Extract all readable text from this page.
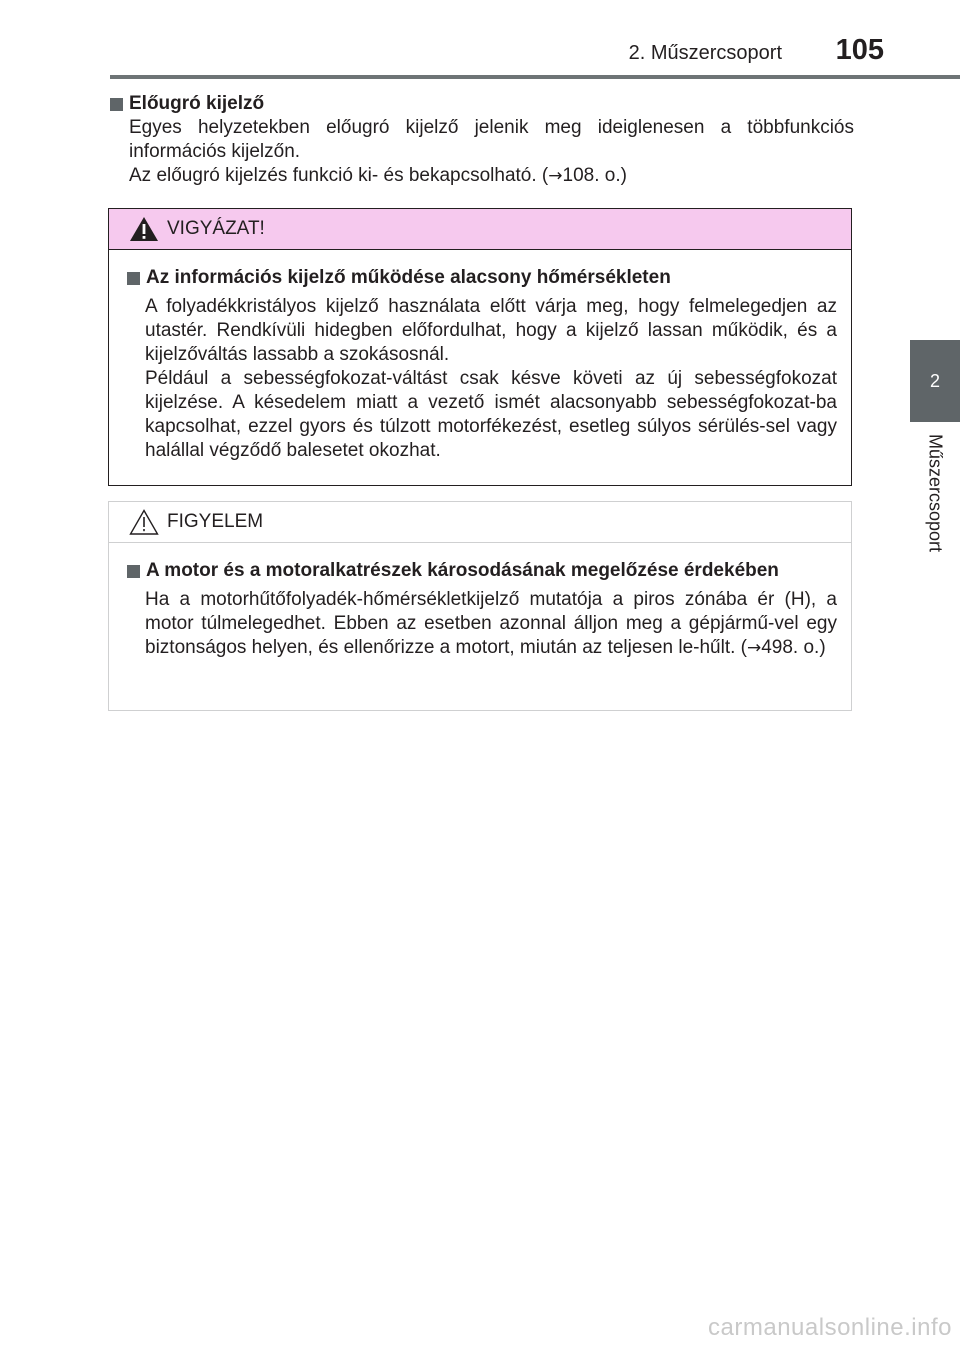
2. Műszercsoport 105
2
Műszercsoport
Előugró kijelző

Egyes helyzetekben előugró kijelző jelenik meg ideiglenesen a többfunkciós információs kijelzőn.

Az előugró kijelzés funkció ki- és bekapcsolható. (→108. o.)

VIGYÁZAT!
Az információs kijelző működése alacsony hőmérsékleten

A folyadékkristályos kijelző használata előtt várja meg, hogy felmelegedjen az utastér. Rendkívüli hidegben előfordulhat, hogy a kijelző lassan működik, és a kijelzőváltás lassabb a szokásosnál.

Például a sebességfokozat-váltást csak késve követi az új sebességfokozat kijelzése. A késedelem miatt a vezető ismét alacsonyabb sebességfokozat-ba kapcsolhat, ezzel gyors és túlzott motorfékezést, esetleg súlyos sérülés-sel vagy halállal végződő balesetet okozhat.

FIGYELEM
A motor és a motoralkatrészek károsodásának megelőzése érdekében

Ha a motorhűtőfolyadék-hőmérsékletkijelző mutatója a piros zónába ér (H), a motor túlmelegedhet. Ebben az esetben azonnal álljon meg a gépjármű-vel egy biztonságos helyen, és ellenőrizze a motort, miután az teljesen le-hűlt. (→498. o.)

carmanualsonline.info
